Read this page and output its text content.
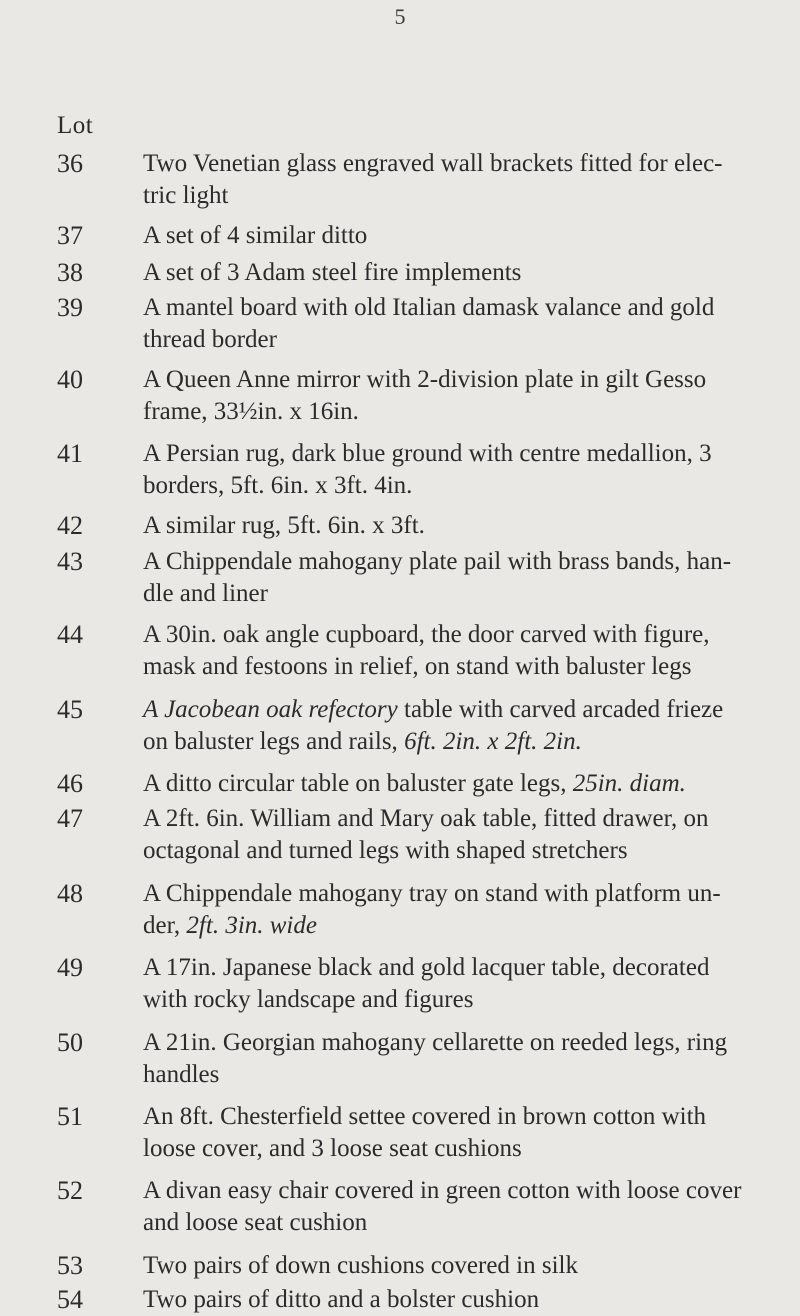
5
Lot
36	Two Venetian glass engraved wall brackets fitted for elec-
tric light
37	A set of 4 similar ditto
38	A set of 3 Adam steel fire implements
39	A mantel board with old Italian damask valance and gold
thread border
40	A Queen Anne mirror with 2-division plate in gilt Gesso
frame, 33½in. x 16in.
41	A Persian rug, dark blue ground with centre medallion, 3
borders, 5ft. 6in. x 3ft. 4in.
42	A similar rug, 5ft. 6in. x 3ft.
43	A Chippendale mahogany plate pail with brass bands, han-
dle and liner
44	A 30in. oak angle cupboard, the door carved with figure,
mask and festoons in relief, on stand with baluster legs
45	A Jacobean oak refectory table with carved arcaded frieze
on baluster legs and rails, 6ft. 2in. x 2ft. 2in.
46	A ditto circular table on baluster gate legs, 25in. diam.
47	A 2ft. 6in. William and Mary oak table, fitted drawer, on
octagonal and turned legs with shaped stretchers
48	A Chippendale mahogany tray on stand with platform un-
der, 2ft. 3in. wide
49	A 17in. Japanese black and gold lacquer table, decorated
with rocky landscape and figures
50	A 21in. Georgian mahogany cellarette on reeded legs, ring
handles
51	An 8ft. Chesterfield settee covered in brown cotton with
loose cover, and 3 loose seat cushions
52	A divan easy chair covered in green cotton with loose cover
and loose seat cushion
53	Two pairs of down cushions covered in silk
54	Two pairs of ditto and a bolster cushion
